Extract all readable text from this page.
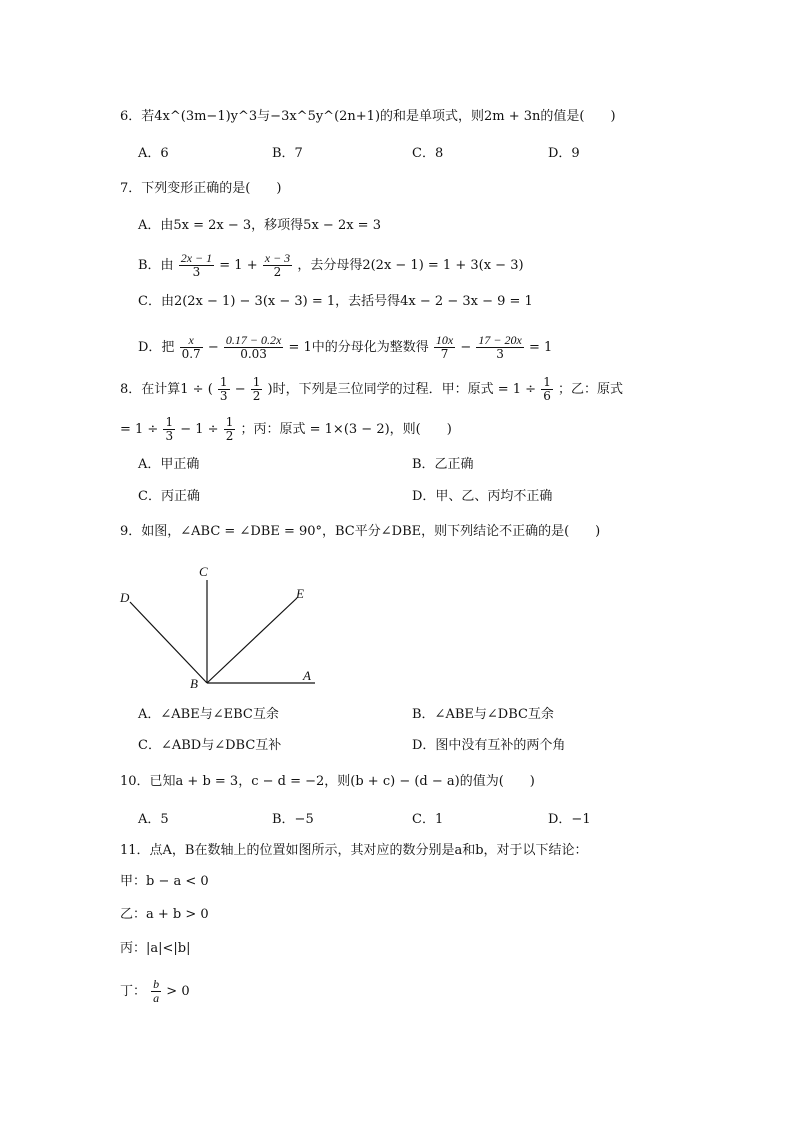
6．若4x^(3m−1)y^3与−3x^5y^(2n+1)的和是单项式，则2m + 3n的值是(　　)
A．6	B．7	C．8	D．9
7．下列变形正确的是(　　)
A．由5x = 2x − 3，移项得5x − 2x = 3
B．由 $\frac{2x - 1}{3} = 1 + \frac{x - 3}{2}$ ，去分母得2(2x − 1) = 1 + 3(x − 3)
C．由2(2x − 1) − 3(x − 3) = 1，去括号得4x − 2 − 3x − 9 = 1
D．把 $\frac{x}{0.7} - \frac{0.17 - 0.2x}{0.03} = 1$中的分母化为整数得 $\frac{10x}{7} - \frac{17 - 20x}{3} = 1$
8．在计算1 ÷ ( $\frac{1}{3} - \frac{1}{2}$ )时，下列是三位同学的过程．甲：原式 = $1 \div \frac{1}{6}$ ；乙：原式
= $1 \div \frac{1}{3} - 1 \div \frac{1}{2}$ ；丙：原式 = 1×(3 − 2)，则(　　)
A．甲正确	B．乙正确
C．丙正确	D．甲、乙、丙均不正确
9．如图，∠ABC = ∠DBE = 90°，BC平分∠DBE，则下列结论不正确的是(　　)
C
D	E
B
A
A．∠ABE与∠EBC互余	B．∠ABE与∠DBC互余
C．∠ABD与∠DBC互补	D．图中没有互补的两个角
10．已知a + b = 3，c − d = −2，则(b + c) − (d − a)的值为(　　)
A．5	B．−5	C．1	D．−1
11．点A，B在数轴上的位置如图所示，其对应的数分别是a和b，对于以下结论：
甲：b − a < 0
乙：a + b > 0
丙：|a|<|b|
丁： $\frac{b}{a} > 0$
